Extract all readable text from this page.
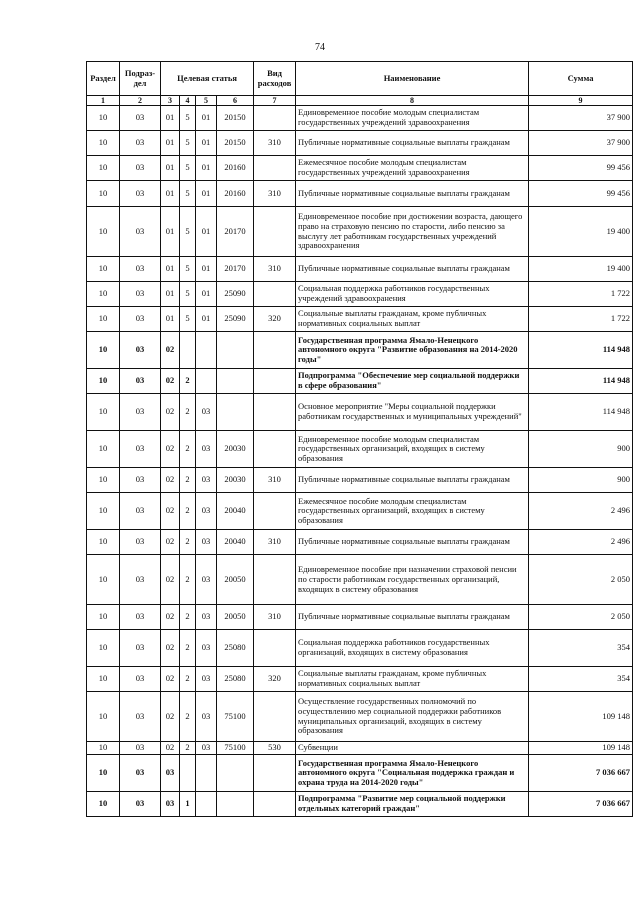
74
Раздел	Подраз-дел	Целевая статья				Вид расходов	Наименование	Сумма
1	2	3	4	5	6	7	8	9
10	03	01	5	01	20150		Единовременное пособие молодым специалистам государственных учреждений здравоохранения	37 900
10	03	01	5	01	20150	310	Публичные нормативные социальные выплаты гражданам	37 900
10	03	01	5	01	20160		Ежемесячное пособие молодым специалистам государственных учреждений здравоохранения	99 456
10	03	01	5	01	20160	310	Публичные нормативные социальные выплаты гражданам	99 456
10	03	01	5	01	20170		Единовременное пособие при достижении возраста, дающего право на страховую пенсию по старости, либо пенсию за выслугу лет работникам государственных учреждений здравоохранения	19 400
10	03	01	5	01	20170	310	Публичные нормативные социальные выплаты гражданам	19 400
10	03	01	5	01	25090		Социальная поддержка работников государственных учреждений здравоохранения	1 722
10	03	01	5	01	25090	320	Социальные выплаты гражданам, кроме публичных нормативных социальных выплат	1 722
10	03	02					Государственная программа Ямало-Ненецкого автономного округа "Развитие образования на 2014-2020 годы"	114 948
10	03	02	2				Подпрограмма "Обеспечение мер социальной поддержки в сфере образования"	114 948
10	03	02	2	03			Основное мероприятие "Меры социальной поддержки работникам государственных и муниципальных учреждений"	114 948
10	03	02	2	03	20030		Единовременное пособие молодым специалистам государственных организаций, входящих в систему образования	900
10	03	02	2	03	20030	310	Публичные нормативные социальные выплаты гражданам	900
10	03	02	2	03	20040		Ежемесячное пособие молодым специалистам государственных организаций, входящих в систему образования	2 496
10	03	02	2	03	20040	310	Публичные нормативные социальные выплаты гражданам	2 496
10	03	02	2	03	20050		Единовременное пособие при назначении страховой пенсии по старости работникам государственных организаций, входящих в систему образования	2 050
10	03	02	2	03	20050	310	Публичные нормативные социальные выплаты гражданам	2 050
10	03	02	2	03	25080		Социальная поддержка работников государственных организаций, входящих в систему образования	354
10	03	02	2	03	25080	320	Социальные выплаты гражданам, кроме публичных нормативных социальных выплат	354
10	03	02	2	03	75100		Осуществление государственных полномочий по осуществлению мер социальной поддержки работников муниципальных организаций, входящих в систему образования	109 148
10	03	02	2	03	75100	530	Субвенции	109 148
10	03	03					Государственная программа Ямало-Ненецкого автономного округа "Социальная поддержка граждан и охрана труда на 2014-2020 годы"	7 036 667
10	03	03	1				Подпрограмма "Развитие мер социальной поддержки отдельных категорий граждан"	7 036 667
